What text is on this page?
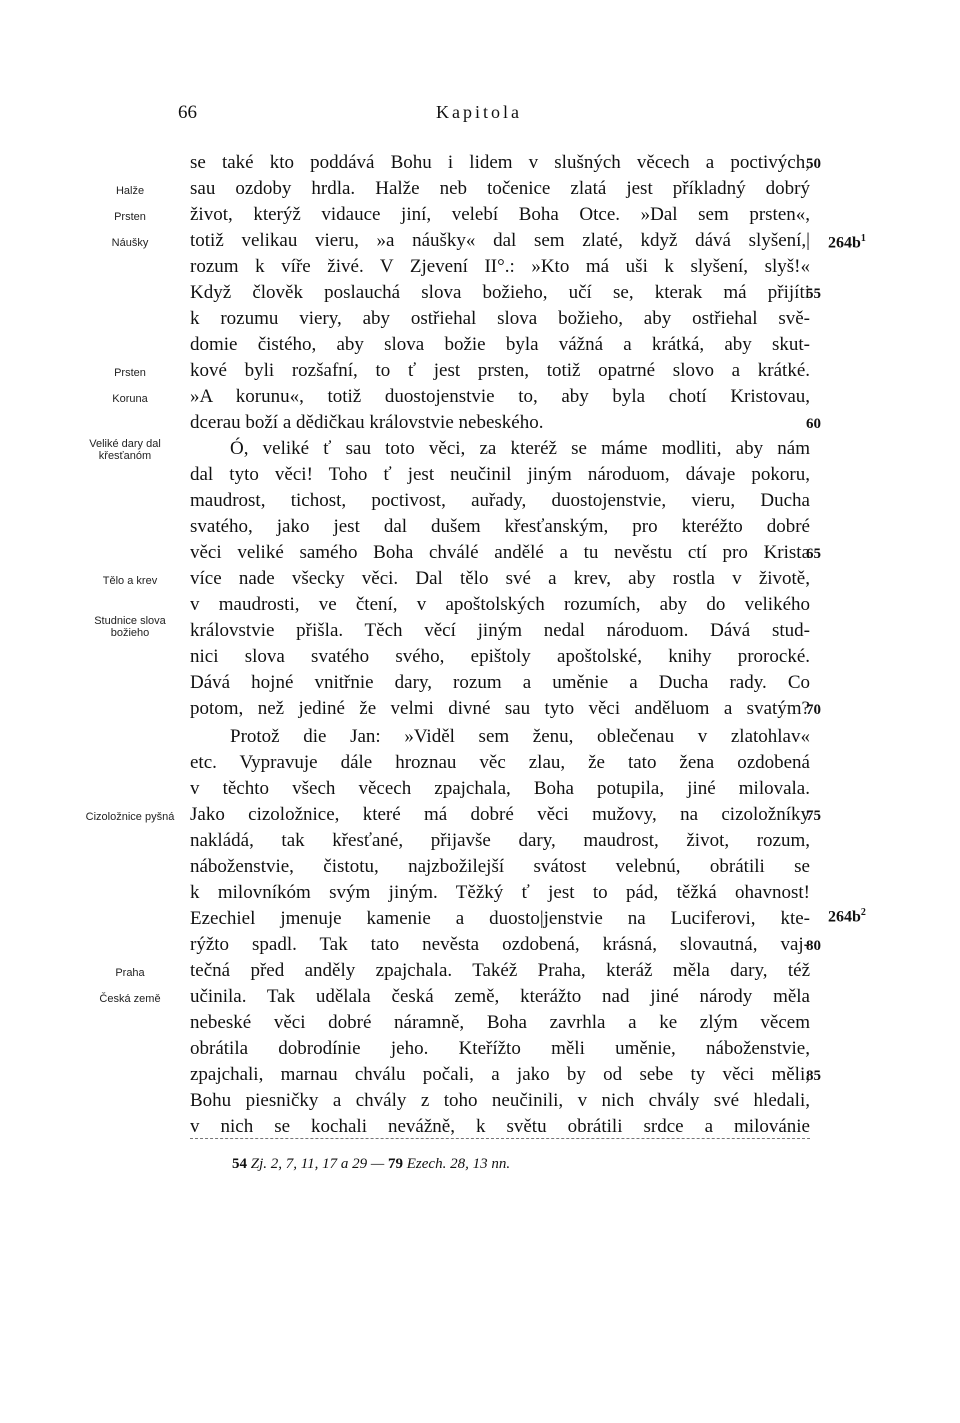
66	Kapitola
se také kto poddává Bohu i lidem v slušných věcech a poctivých,
sau ozdoby hrdla. Halže neb točenice zlatá jest příkladný dobrý
život, kterýž vidauce jiní, velebí Boha Otce. »Dal sem prsten«,
totiž velikau vieru, »a náušky« dal sem zlaté, když dává slyšení,|
rozum k víře živé. V Zjevení II°.: »Kto má uši k slyšení, slyš!«
Když člověk poslauchá slova božieho, učí se, kterak má přijíti
k rozumu viery, aby ostřiehal slova božieho, aby ostřiehal svě-
domie čistého, aby slova božie byla vážná a krátká, aby skut-
kové byli rozšafní, to ť jest prsten, totiž opatrné slovo a krátké.
»A korunu«, totiž duostojenstvie to, aby byla chotí Kristovau,
dcerau boží a dědičkau královstvie nebeského.
Ó, veliké ť sau toto věci, za kteréž se máme modliti, aby nám
dal tyto věci! Toho ť jest neučinil jiným národuom, dávaje pokoru,
maudrost, tichost, poctivost, auřady, duostojenstvie, vieru, Ducha
svatého, jako jest dal dušem křesťanským, pro kteréžto dobré
věci veliké samého Boha chválé andělé a tu nevěstu ctí pro Krista
více nade všecky věci. Dal tělo své a krev, aby rostla v životě,
v maudrosti, ve čtení, v apoštolských rozumích, aby do velikého
královstvie přišla. Těch věcí jiným nedal národuom. Dává stud-
nici slova svatého svého, epištoly apoštolské, knihy prorocké.
Dává hojné vnitřnie dary, rozum a uměnie a Ducha rady. Co
potom, než jediné že velmi divné sau tyto věci anděluom a svatým?
Protož die Jan: »Viděl sem ženu, oblečenau v zlatohlav«
etc. Vypravuje dále hroznau věc zlau, že tato žena ozdobená
v těchto všech věcech zpajchala, Boha potupila, jiné milovala.
Jako cizoložnice, které má dobré věci mužovy, na cizoložníky
nakládá, tak křesťané, přijavše dary, maudrost, život, rozum,
náboženstvie, čistotu, najzbožilejší svátost velebnú, obrátili se
k milovníkóm svým jiným. Těžký ť jest to pád, těžká ohavnost!
Ezechiel jmenuje kamenie a duosto|jenstvie na Luciferovi, kte-
rýžto spadl. Tak tato nevěsta ozdobená, krásná, slovautná, vaj-
tečná před anděly zpajchala. Takéž Praha, kteráž měla dary, též
učinila. Tak udělala česká země, kterážto nad jiné národy měla
nebeské věci dobré náramně, Boha zavrhla a ke zlým věcem
obrátila dobrodínie jeho. Kteřížto měli uměnie, náboženstvie,
zpajchali, marnau chválu počali, a jako by od sebe ty věci měli,
Bohu piesničky a chvály z toho neučinili, v nich chvály své hledali,
v nich se kochali nevážně, k světu obrátili srdce a milovánie
50
55
60
65
70
75
80
85
Halže
Prsten
Náušky
Prsten
Koruna
Veliké dary dal křesťanóm
Tělo a krev
Studnice slova božieho
Cizoložnice pyšná
Praha
Česká země
$264b^1$
$264b^2$
54 Zj. 2, 7, 11, 17 a 29 — 79 Ezech. 28, 13 nn.
